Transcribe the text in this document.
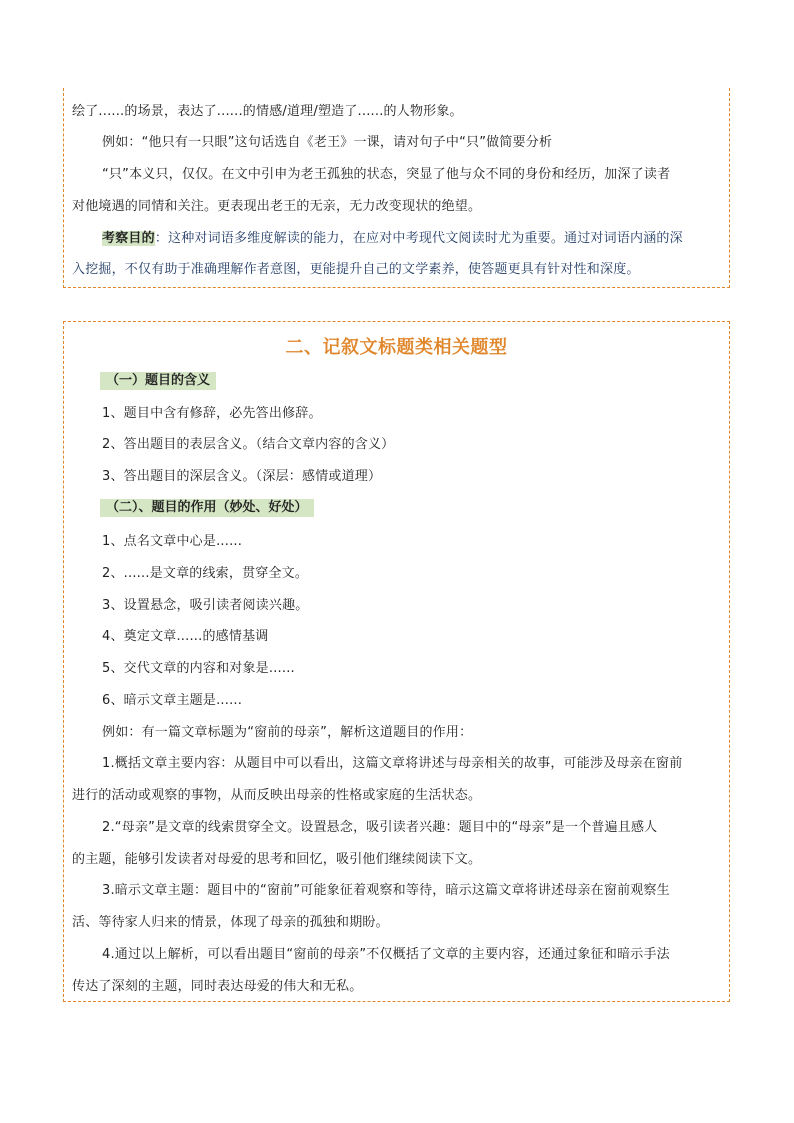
绘了......的场景，表达了......的情感/道理/塑造了......的人物形象。
例如：“他只有一只眼”这句话选自《老王》一课，请对句子中“只”做简要分析
“只”本义只，仅仅。在文中引申为老王孤独的状态，突显了他与众不同的身份和经历，加深了读者
对他境遇的同情和关注。更表现出老王的无亲，无力改变现状的绝望。
考察目的：这种对词语多维度解读的能力，在应对中考现代文阅读时尤为重要。通过对词语内涵的深
入挖掘，不仅有助于准确理解作者意图，更能提升自己的文学素养，使答题更具有针对性和深度。
二、记叙文标题类相关题型
（一）题目的含义
1、题目中含有修辞，必先答出修辞。
2、答出题目的表层含义。（结合文章内容的含义）
3、答出题目的深层含义。（深层：感情或道理）
（二）、题目的作用（妙处、好处）
1、点名文章中心是......
2、......是文章的线索，贯穿全文。
3、设置悬念，吸引读者阅读兴趣。
4、奠定文章......的感情基调
5、交代文章的内容和对象是......
6、暗示文章主题是......
例如：有一篇文章标题为“窗前的母亲”，解析这道题目的作用：
1.概括文章主要内容：从题目中可以看出，这篇文章将讲述与母亲相关的故事，可能涉及母亲在窗前
进行的活动或观察的事物，从而反映出母亲的性格或家庭的生活状态。
2.“母亲”是文章的线索贯穿全文。设置悬念，吸引读者兴趣：题目中的“母亲”是一个普遍且感人
的主题，能够引发读者对母爱的思考和回忆，吸引他们继续阅读下文。
3.暗示文章主题：题目中的“窗前”可能象征着观察和等待，暗示这篇文章将讲述母亲在窗前观察生
活、等待家人归来的情景，体现了母亲的孤独和期盼。
4.通过以上解析，可以看出题目“窗前的母亲”不仅概括了文章的主要内容，还通过象征和暗示手法
传达了深刻的主题，同时表达母爱的伟大和无私。
